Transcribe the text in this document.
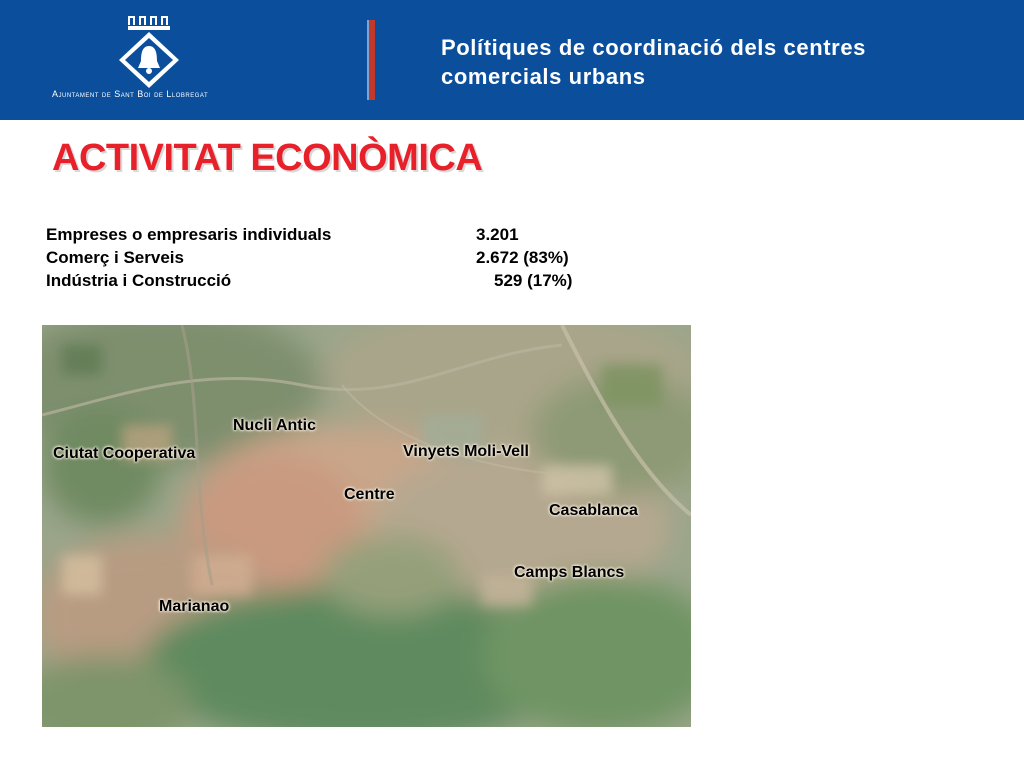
Ajuntament de Sant Boi de Llobregat
Polítiques de coordinació dels centres
comercials urbans
ACTIVITAT ECONÒMICA
Empreses o empresaris individuals	3.201
Comerç i Serveis	2.672 (83%)
Indústria i Construcció	529 (17%)
Nucli Antic
Ciutat Cooperativa	Vinyets Moli-Vell
Centre
Casablanca
Camps Blancs
Marianao
